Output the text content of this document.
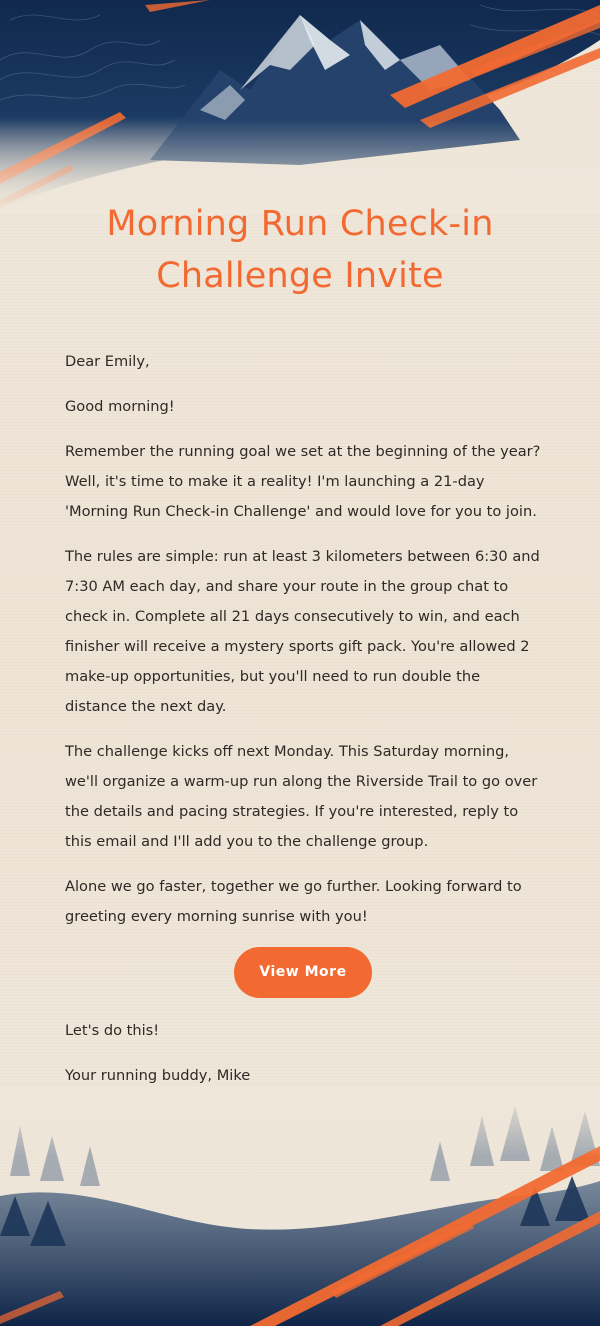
Morning Run Check-in Challenge Invite

Dear Emily,

Good morning!

Remember the running goal we set at the beginning of the year? Well, it's time to make it a reality! I'm launching a 21-day 'Morning Run Check-in Challenge' and would love for you to join.

The rules are simple: run at least 3 kilometers between 6:30 and 7:30 AM each day, and share your route in the group chat to check in. Complete all 21 days consecutively to win, and each finisher will receive a mystery sports gift pack. You're allowed 2 make-up opportunities, but you'll need to run double the distance the next day.

The challenge kicks off next Monday. This Saturday morning, we'll organize a warm-up run along the Riverside Trail to go over the details and pacing strategies. If you're interested, reply to this email and I'll add you to the challenge group.

Alone we go faster, together we go further. Looking forward to greeting every morning sunrise with you!

View More

Let's do this!

Your running buddy, Mike
